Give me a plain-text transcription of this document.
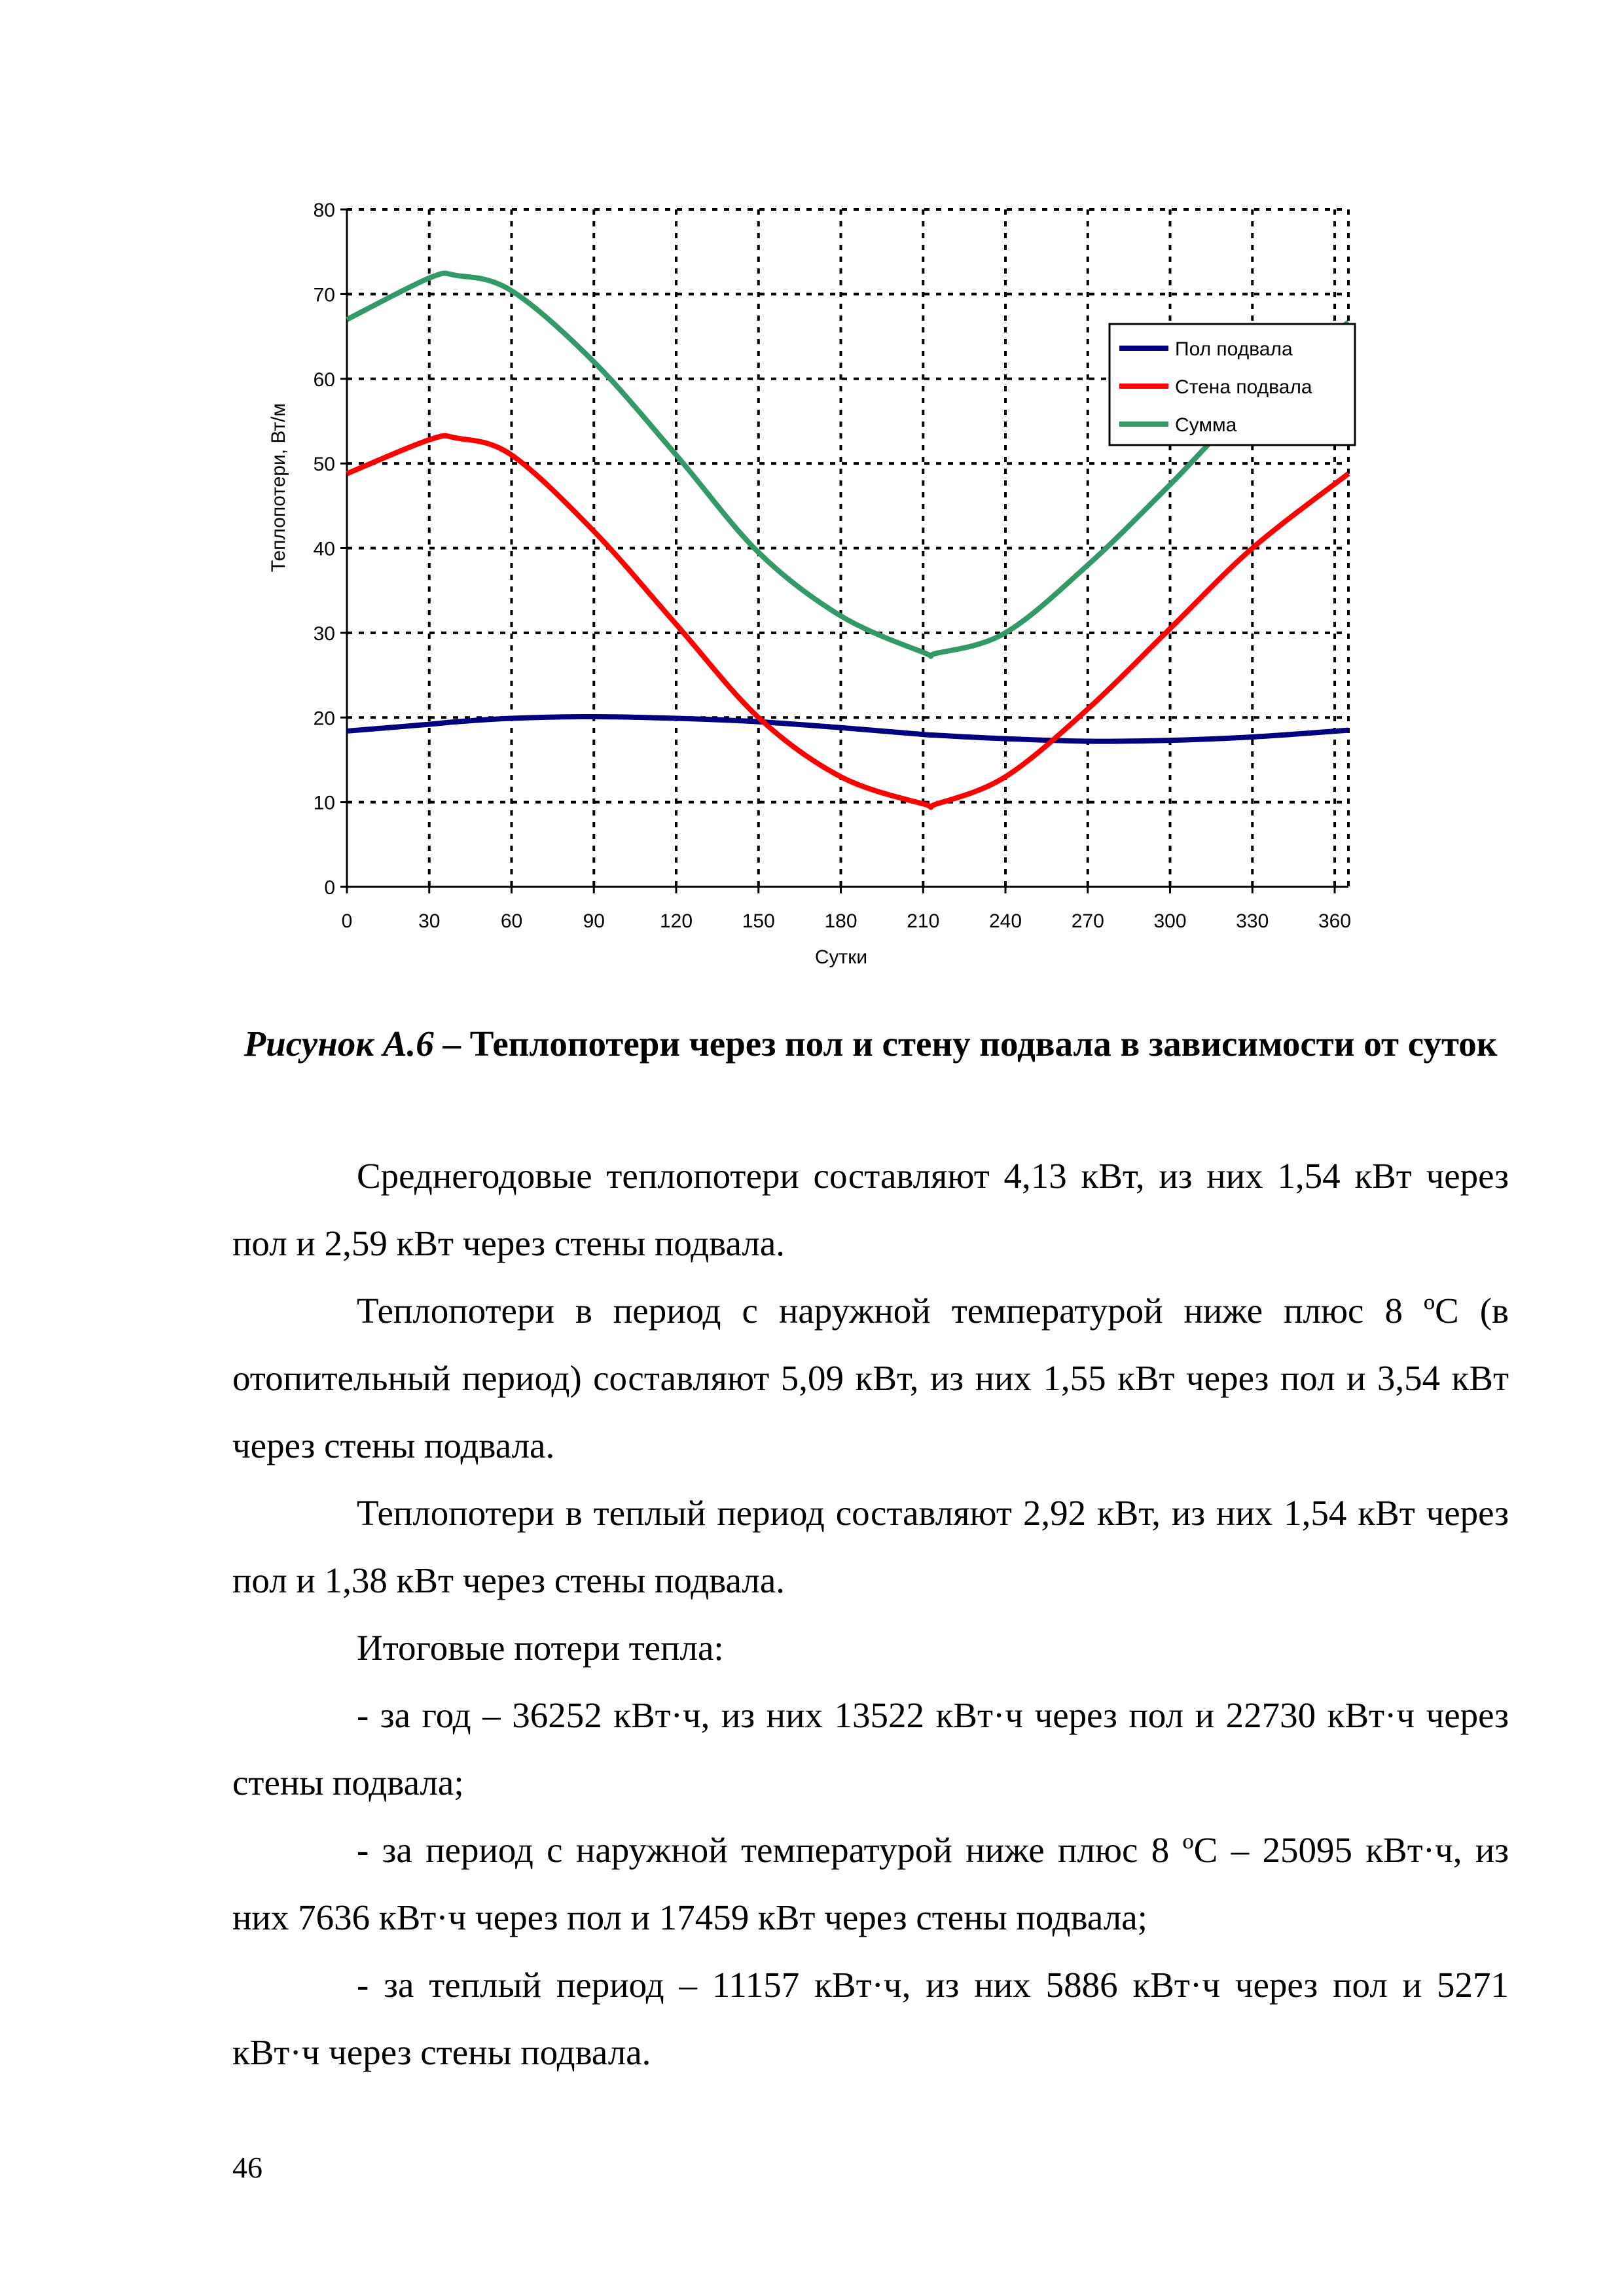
0
10
20
30
40
50
60
70
80
0	30	60	90	120	150	180	210	240	270	300	330	360
Сутки
Теплопотери, Вт/м
Пол подвала
Стена подвала
Сумма
Рисунок А.6 – Теплопотери через пол и стену подвала в зависимости от суток

Среднегодовые теплопотери составляют 4,13 кВт, из них 1,54 кВт через пол и 2,59 кВт через стены подвала.

Теплопотери в период с наружной температурой ниже плюс 8 ºС (в отопительный период) составляют 5,09 кВт, из них 1,55 кВт через пол и 3,54 кВт через стены подвала.

Теплопотери в теплый период составляют 2,92 кВт, из них 1,54 кВт через пол и 1,38 кВт через стены подвала.

Итоговые потери тепла:

- за год – 36252 кВт·ч, из них 13522 кВт·ч через пол и 22730 кВт·ч через стены подвала;

- за период с наружной температурой ниже плюс 8 ºС – 25095 кВт·ч, из них 7636 кВт·ч через пол и 17459 кВт через стены подвала;

- за теплый период – 11157 кВт·ч, из них 5886 кВт·ч через пол и 5271 кВт·ч через стены подвала.

46
